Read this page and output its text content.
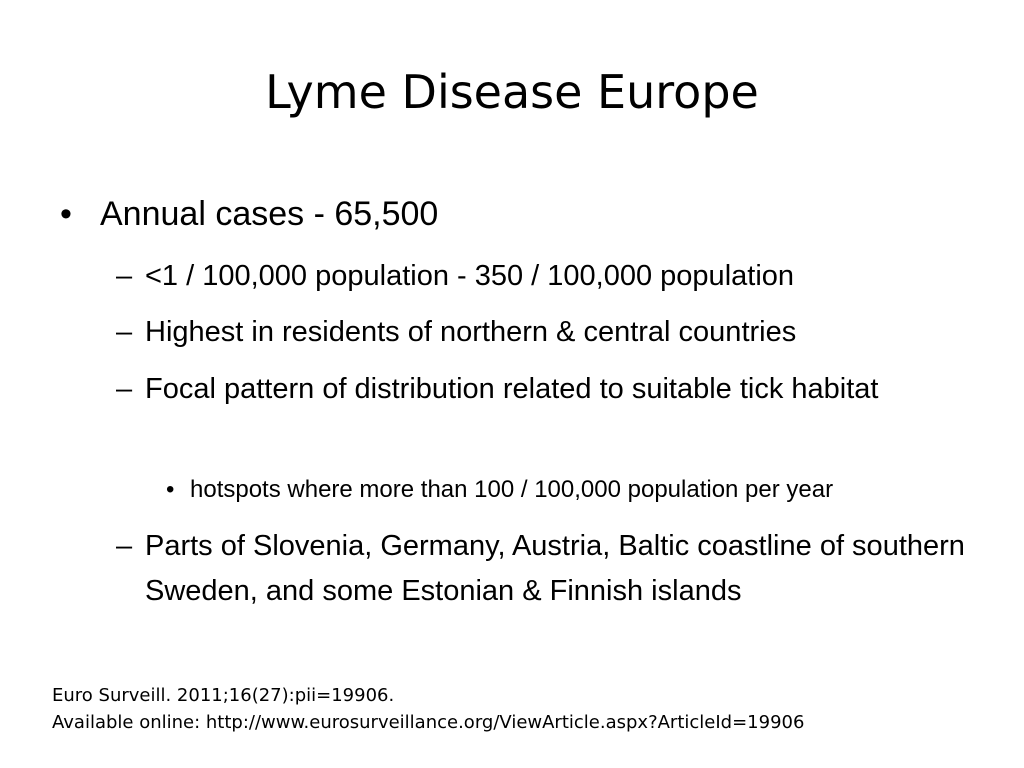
Lyme Disease Europe
• Annual cases - 65,500
– <1 / 100,000 population - 350 / 100,000 population
– Highest in residents of northern & central countries
– Focal pattern of distribution related to suitable tick habitat
• hotspots where more than 100 / 100,000 population per year
– Parts of Slovenia, Germany, Austria, Baltic coastline of southern Sweden, and some Estonian & Finnish islands
Euro Surveill. 2011;16(27):pii=19906.
Available online: http://www.eurosurveillance.org/ViewArticle.aspx?ArticleId=19906
